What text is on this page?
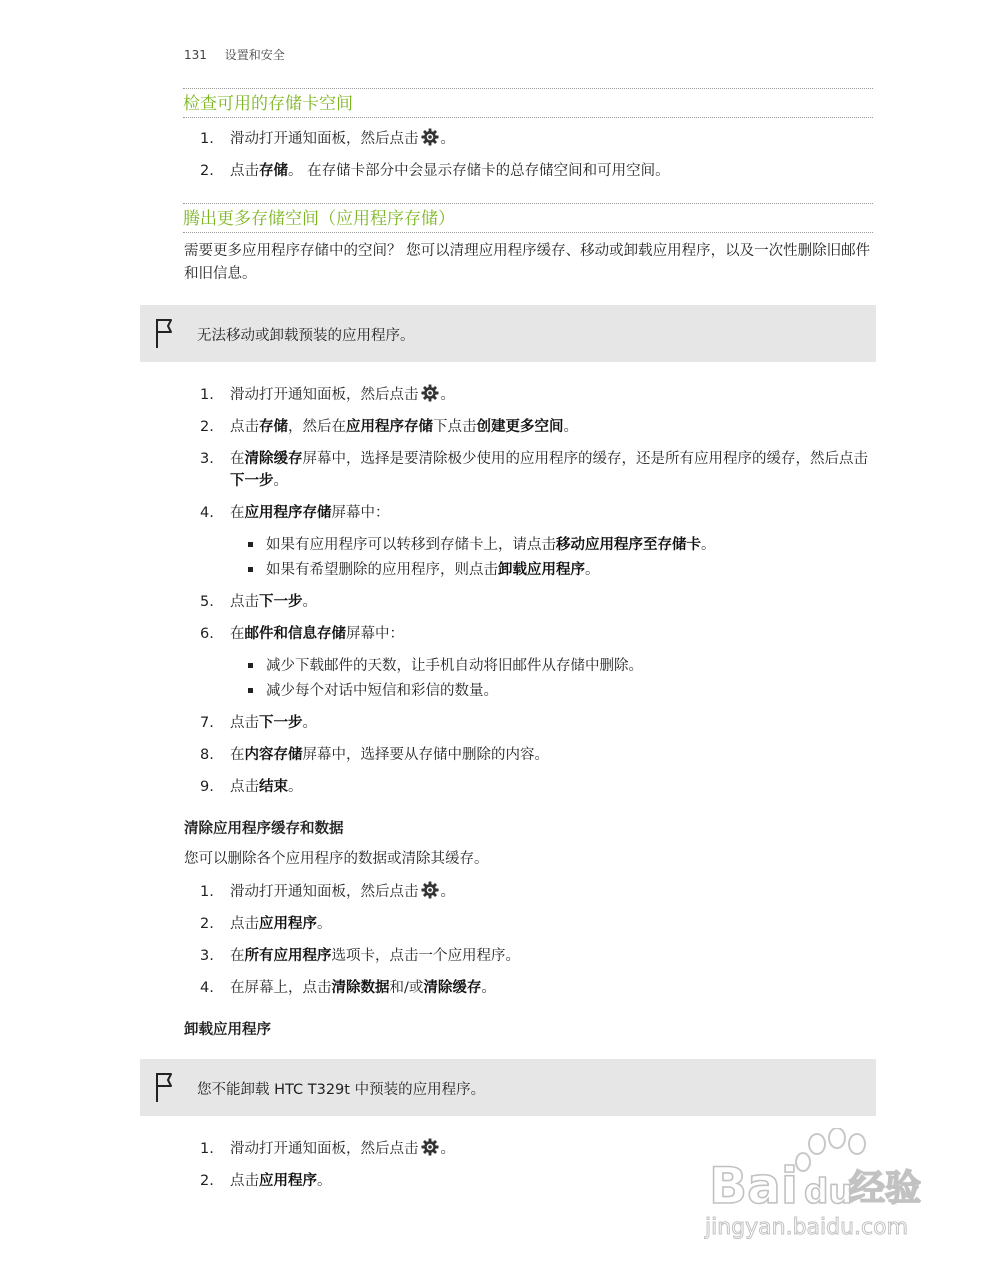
131 设置和安全
检查可用的存储卡空间
1.	滑动打开通知面板，然后点击 。
2.	点击存储。 在存储卡部分中会显示存储卡的总存储空间和可用空间。
腾出更多存储空间（应用程序存储）
需要更多应用程序存储中的空间？ 您可以清理应用程序缓存、移动或卸载应用程序，以及一次性删除旧邮件和旧信息。
无法移动或卸载预装的应用程序。
1.	滑动打开通知面板，然后点击 。
2.	点击存储，然后在应用程序存储下点击创建更多空间。
3.	在清除缓存屏幕中，选择是要清除极少使用的应用程序的缓存，还是所有应用程序的缓存，然后点击下一步。
4.	在应用程序存储屏幕中：
如果有应用程序可以转移到存储卡上，请点击移动应用程序至存储卡。
如果有希望删除的应用程序，则点击卸载应用程序。
5.	点击下一步。
6.	在邮件和信息存储屏幕中：
减少下载邮件的天数，让手机自动将旧邮件从存储中删除。
减少每个对话中短信和彩信的数量。
7.	点击下一步。
8.	在内容存储屏幕中，选择要从存储中删除的内容。
9.	点击结束。
清除应用程序缓存和数据
您可以删除各个应用程序的数据或清除其缓存。
1.	滑动打开通知面板，然后点击 。
2.	点击应用程序。
3.	在所有应用程序选项卡，点击一个应用程序。
4.	在屏幕上，点击清除数据和/或清除缓存。
卸载应用程序
您不能卸载 HTC T329t 中预装的应用程序。
1.	滑动打开通知面板，然后点击 。
2.	点击应用程序。	Bai du
经验
jingyan.baidu.com
